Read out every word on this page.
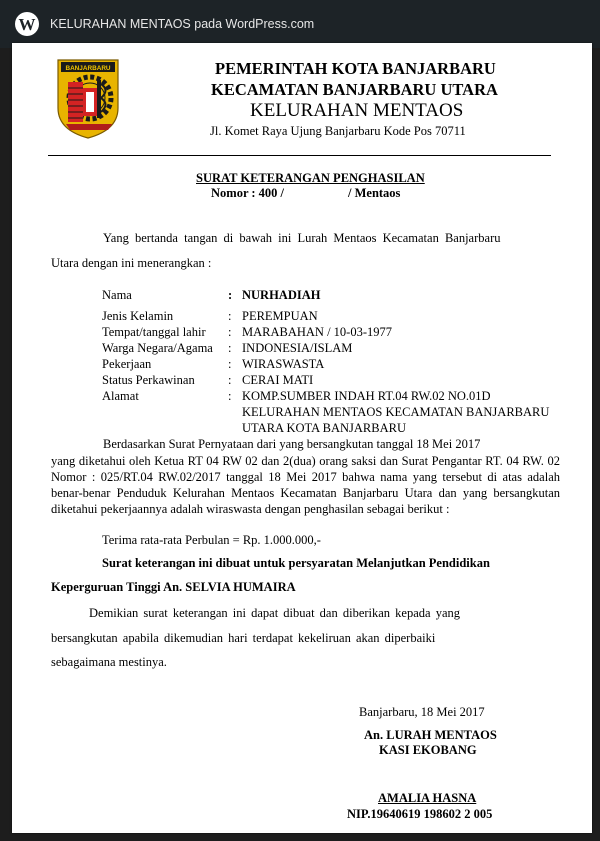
W KELURAHAN MENTAOS pada WordPress.com
BANJARBARU	PEMERINTAH KOTA BANJARBARU
KECAMATAN BANJARBARU UTARA
KELURAHAN MENTAOS
Jl. Komet Raya Ujung Banjarbaru Kode Pos 70711
SURAT KETERANGAN PENGHASILAN
Nomor : 400 /	/ Mentaos
Yang bertanda tangan di bawah ini Lurah Mentaos Kecamatan Banjarbaru
Utara dengan ini menerangkan :
Nama	: NURHADIAH
Jenis Kelamin	: PEREMPUAN
Tempat/tanggal lahir : MARABAHAN / 10-03-1977
Warga Negara/Agama : INDONESIA/ISLAM
Pekerjaan	: WIRASWASTA
Status Perkawinan	: CERAI MATI
Alamat	: KOMP.SUMBER INDAH RT.04 RW.02 NO.01D
KELURAHAN MENTAOS KECAMATAN BANJARBARU
UTARA KOTA BANJARBARU
Berdasarkan Surat Pernyataan dari yang bersangkutan tanggal 18 Mei 2017
yang diketahui oleh Ketua RT 04 RW 02 dan 2(dua) orang saksi dan Surat Pengantar RT. 04 RW. 02 Nomor : 025/RT.04 RW.02/2017 tanggal 18 Mei 2017 bahwa nama yang tersebut di atas adalah benar-benar Penduduk Kelurahan Mentaos Kecamatan Banjarbaru Utara dan yang bersangkutan diketahui pekerjaannya adalah wiraswasta dengan penghasilan sebagai berikut :
Terima rata-rata Perbulan = Rp. 1.000.000,-
Surat keterangan ini dibuat untuk persyaratan Melanjutkan Pendidikan
Keperguruan Tinggi An. SELVIA HUMAIRA
Demikian surat keterangan ini dapat dibuat dan diberikan kepada yang
bersangkutan apabila dikemudian hari terdapat kekeliruan akan diperbaiki
sebagaimana mestinya.
Banjarbaru, 18 Mei 2017
An. LURAH MENTAOS
KASI EKOBANG
AMALIA HASNA
NIP.19640619 198602 2 005
